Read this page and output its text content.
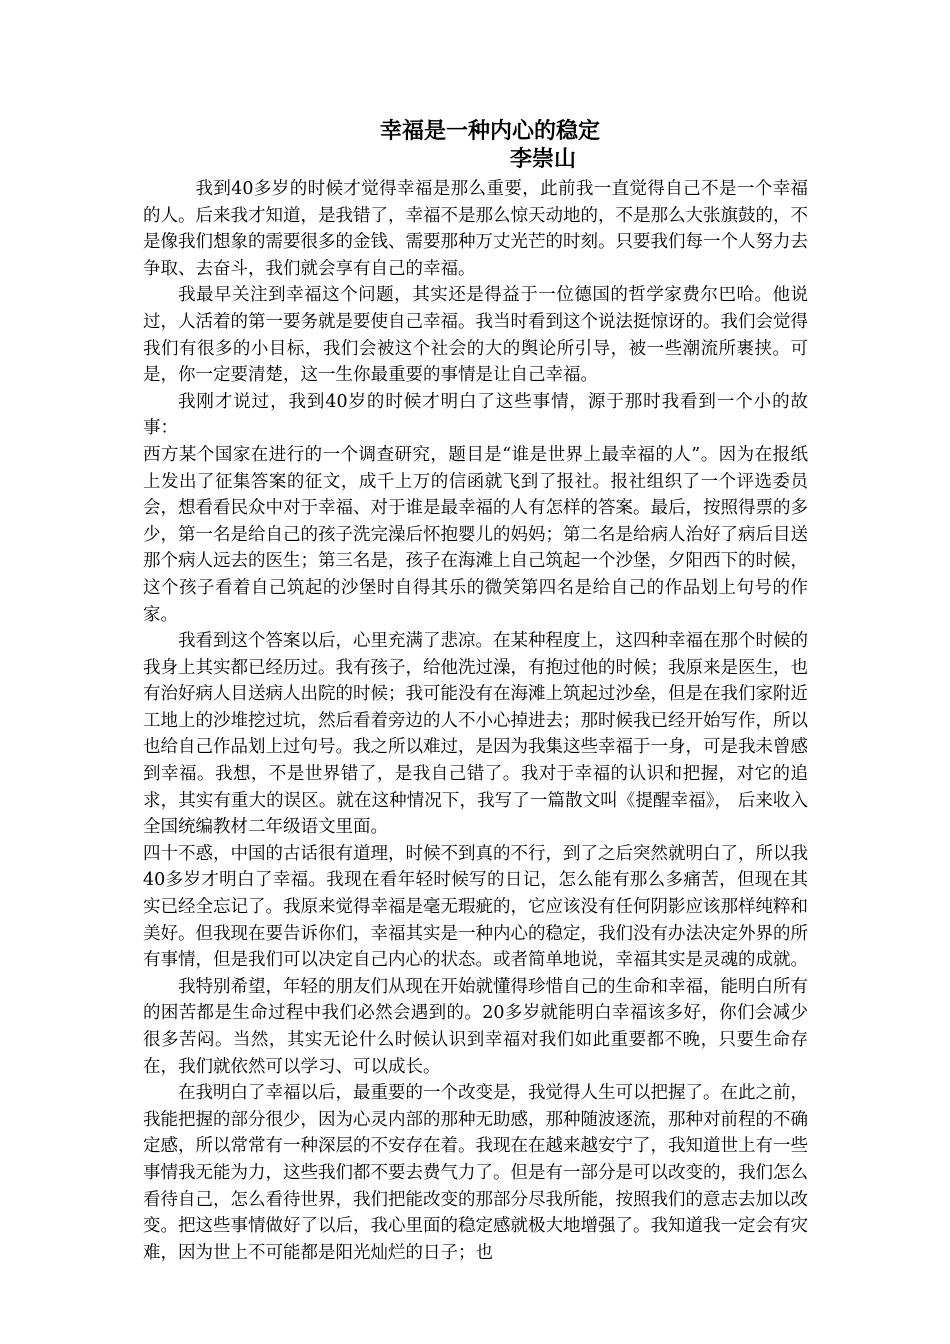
幸福是一种内心的稳定
李崇山

我到40多岁的时候才觉得幸福是那么重要，此前我一直觉得自己不是一个幸福的人。后来我才知道，是我错了，幸福不是那么惊天动地的，不是那么大张旗鼓的，不是像我们想象的需要很多的金钱、需要那种万丈光芒的时刻。只要我们每一个人努力去争取、去奋斗，我们就会享有自己的幸福。

我最早关注到幸福这个问题，其实还是得益于一位德国的哲学家费尔巴哈。他说过，人活着的第一要务就是要使自己幸福。我当时看到这个说法挺惊讶的。我们会觉得我们有很多的小目标，我们会被这个社会的大的舆论所引导，被一些潮流所裹挟。可是，你一定要清楚，这一生你最重要的事情是让自己幸福。

我刚才说过，我到40岁的时候才明白了这些事情，源于那时我看到一个小的故事：

西方某个国家在进行的一个调查研究，题目是“谁是世界上最幸福的人”。因为在报纸上发出了征集答案的征文，成千上万的信函就飞到了报社。报社组织了一个评选委员会，想看看民众中对于幸福、对于谁是最幸福的人有怎样的答案。最后，按照得票的多少，第一名是给自己的孩子洗完澡后怀抱婴儿的妈妈；第二名是给病人治好了病后目送那个病人远去的医生；第三名是，孩子在海滩上自己筑起一个沙堡，夕阳西下的时候，这个孩子看着自己筑起的沙堡时自得其乐的微笑第四名是给自己的作品划上句号的作家。

我看到这个答案以后，心里充满了悲凉。在某种程度上，这四种幸福在那个时候的我身上其实都已经历过。我有孩子，给他洗过澡，有抱过他的时候；我原来是医生，也有治好病人目送病人出院的时候；我可能没有在海滩上筑起过沙垒，但是在我们家附近工地上的沙堆挖过坑，然后看着旁边的人不小心掉进去；那时候我已经开始写作，所以也给自己作品划上过句号。我之所以难过，是因为我集这些幸福于一身，可是我未曾感到幸福。我想，不是世界错了，是我自己错了。我对于幸福的认识和把握，对它的追求，其实有重大的误区。就在这种情况下，我写了一篇散文叫《提醒幸福》， 后来收入全国统编教材二年级语文里面。

四十不惑，中国的古话很有道理，时候不到真的不行，到了之后突然就明白了，所以我40多岁才明白了幸福。我现在看年轻时候写的日记，怎么能有那么多痛苦，但现在其实已经全忘记了。我原来觉得幸福是毫无瑕疵的，它应该没有任何阴影应该那样纯粹和美好。但我现在要告诉你们，幸福其实是一种内心的稳定，我们没有办法决定外界的所有事情，但是我们可以决定自己内心的状态。或者简单地说，幸福其实是灵魂的成就。

我特别希望，年轻的朋友们从现在开始就懂得珍惜自己的生命和幸福，能明白所有的困苦都是生命过程中我们必然会遇到的。20多岁就能明白幸福该多好，你们会减少很多苦闷。当然，其实无论什么时候认识到幸福对我们如此重要都不晚，只要生命存在，我们就依然可以学习、可以成长。

在我明白了幸福以后，最重要的一个改变是，我觉得人生可以把握了。在此之前，我能把握的部分很少，因为心灵内部的那种无助感，那种随波逐流，那种对前程的不确定感，所以常常有一种深层的不安存在着。我现在在越来越安宁了，我知道世上有一些事情我无能为力，这些我们都不要去费气力了。但是有一部分是可以改变的，我们怎么看待自己，怎么看待世界，我们把能改变的那部分尽我所能，按照我们的意志去加以改变。把这些事情做好了以后，我心里面的稳定感就极大地增强了。我知道我一定会有灾难，因为世上不可能都是阳光灿烂的日子；也
